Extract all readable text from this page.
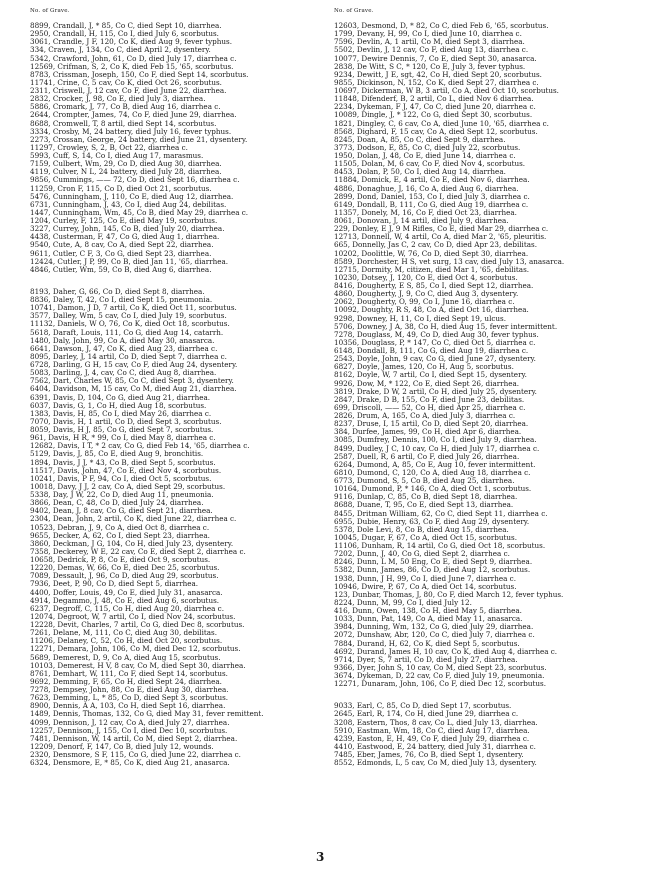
No. of Grave.
8899, Crandall, J, * 85, Co C, died Sept 10, diarrhea.
2950, Crandall, H, 115, Co I, died July 6, scorbutus.
3061, Crandle, J F, 120, Co K, died Aug 9, fever typhus.
334, Craven, J, 134, Co C, died April 2, dysentery.
5342, Crawford, John, 61, Co D, died July 17, diarrhea c.
12569, Crifman, S, 2, Co K, died Feb 15, '65, scorbutus.
8783, Crissman, Joseph, 150, Co F, died Sept 14, scorbutus.
11741, Crine, C, 5 cav, Co K, died Oct 26, scorbutus.
2311, Criswell, J, 12 cav, Co F, died June 22, diarrhea.
2832, Crocker, J, 98, Co E, died July 3, diarrhea.
5886, Cromark, J, 77, Co B, died Aug 16, diarrhea c.
2644, Crompter, James, 74, Co F, died June 29, diarrhea.
8688, Cromwell, T, 8 artil, died Sept 14, scorbutus.
3334, Crosby, M, 24 battery, died July 16, fever typhus.
2273, Crossan, George, 24 battery, died June 21, dysentery.
11297, Crowley, S, 2, B, Oct 22, diarrhea c.
5993, Cuff, S, 14, Co I, died Aug 17, marasmus.
7159, Culbert, Wm, 29, Co D, died Aug 30, diarrhea.
4119, Culver, N L, 24 battery, died July 28, diarrhea.
9856, Cummings, —— 72, Co D, died Sept 16, diarrhea c.
11259, Cron F, 115, Co D, died Oct 21, scorbutus.
5476, Cunningham, J, 110, Co E, died Aug 12, diarrhea.
6731, Cunningham, J, 43, Co I, died Aug 24, debilitas.
1447, Cunningham, Wm, 45, Co B, died May 29, diarrhea c.
1204, Curley, F, 125, Co E, died May 19, scorbutus.
3227, Currey, John, 145, Co B, died July 20, diarrhea.
4438, Custerman, F, 47, Co G, died Aug 1, diarrhea.
9540, Cute, A, 8 cav, Co A, died Sept 22, diarrhea.
9611, Cutler, C F, 3, Co G, died Sept 23, diarrhea.
12424, Cutler, J P, 99, Co B, died Jan 11, '65, diarrhea.
4846, Cutler, Wm, 59, Co B, died Aug 6, diarrhea.
8193, Daher, G, 66, Co D, died Sept 8, diarrhea.
8836, Daley, T, 42, Co I, died Sept 15, pneumonia.
10741, Damon, J D, 7 artil, Co K, died Oct 11, scorbutus.
3577, Dalley, Wm, 5 cav, Co I, died July 19, scorbutus.
11132, Daniels, W O, 76, Co K, died Oct 18, scorbutus.
5618, Daraft, Louis, 111, Co G, died Aug 14, catarrh.
1480, Daly, John, 99, Co A, died May 30, anasarca.
6641, Dawson, J, 47, Co K, died Aug 23, diarrhea c.
8095, Darley, J, 14 artil, Co D, died Sept 7, diarrhea c.
6728, Darling, G H, 15 cav, Co F, died Aug 24, dysentery.
5083, Darling, J, 4, cav, Co C, died Aug 8, diarrhea.
7562, Dart, Charles W, 85, Co C, died Sept 3, dysentery.
6404, Davidson, M, 15 cav, Co M, died Aug 21, diarrhea.
6391, Davis, D, 104, Co G, died Aug 21, diarrhea.
6037, Davis, G, 1, Co H, died Aug 18, scorbutus.
1383, Davis, H, 85, Co I, died May 26, diarrhea c.
7070, Davis, H, 1 artil, Co D, died Sept 3, scorbutus.
8059, Davis, H J, 85, Co G, died Sept 7, scorbutus.
961, Davis, H R, * 99, Co I, died May 8, diarrhea c.
12682, Davis, I T, * 2 cav, Co G, died Feb 14, '65, diarrhea c.
5129, Davis, J, 85, Co E, died Aug 9, bronchitis.
1894, Davis, J J, * 43, Co B, died Sept 5, scorbutus.
11517, Davis, John, 47, Co E, died Nov 4, scorbutus.
10241, Davis, P F, 94, Co I, died Oct 5, scorbutus.
10018, Davy, J J, 2 cav, Co A, died Sept 29, scorbutus.
5338, Day, J W, 22, Co D, died Aug 11, pneumonia.
3866, Dean, C, 48, Co D, died July 24, diarrhea.
9402, Dean, J, 8 cav, Co G, died Sept 21, diarrhea.
2304, Dean, John, 2 artil, Co K, died June 22, diarrhea c.
10523, Debran, J, 9, Co A, died Oct 8, diarrhea c.
9655, Decker, A, 62, Co I, died Sept 23, diarrhea.
3860, Deckman, J G, 104, Co H, died July 23, dysentery.
7358, Deckerey, W E, 22 cav, Co E, died Sept 2, diarrhea c.
10658, Dedrick, P, 8, Co E, died Oct 9, scorbutus.
12220, Demas, W, 66, Co E, died Dec 25, scorbutus.
7089, Dessault, J, 96, Co D, died Aug 29, scorbutus.
7936, Deet, P, 90, Co D, died Sept 5, diarrhea.
4400, Doffer, Louis, 49, Co E, died July 31, anasarca.
4914, Degammo, J, 48, Co E, died Aug 6, scorbutus.
6237, Degroff, C, 115, Co H, died Aug 20, diarrhea c.
12074, Degroot, W, 7 artil, Co I, died Nov 24, scorbutus.
12228, Devit, Charles, 7 artil, Co G, died Dec 8, scorbutus.
7261, Delane, M, 111, Co C, died Aug 30, debilitas.
11206, Delaney, C, 52, Co H, died Oct 20, scorbutus.
12271, Demara, John, 106, Co M, died Dec 12, scorbutus.
5689, Demerest, D, 9, Co A, died Aug 15, scorbutus.
10103, Demerest, H V, 8 cav, Co M, died Sept 30, diarrhea.
8761, Demhart, W, 111, Co F, died Sept 14, scorbutus.
9692, Demming, F, 65, Co H, died Sept 24, diarrhea.
7278, Dempsey, John, 88, Co E, died Aug 30, diarrhea.
7623, Demming, L, * 85, Co D, died Sept 3, scorbutus.
8900, Dennis, A A, 103, Co H, died Sept 16, diarrhea.
1489, Dennis, Thomas, 132, Co G, died May 31, fever remittent.
4099, Dennison, J, 12 cav, Co A, died July 27, diarrhea.
12257, Dennison, J, 155, Co I, died Dec 10, scorbutus.
7481, Dennison, W, 14 artil, Co M, died Sept 2, diarrhea.
12209, Denorf, F, 147, Co B, died July 12, wounds.
2320, Densmore, S F, 115, Co G, died June 22, diarrhea c.
6324, Densmore, E, * 85, Co K, died Aug 21, anasarca.
No. of Grave.
12603, Desmond, D, * 82, Co C, died Feb 6, '65, scorbutus.
1799, Devany, H, 99, Co I, died June 10, diarrhea c.
7596, Devlin, A, 1 artil, Co M, died Sept 3, diarrhea.
5502, Devlin, J, 12 cav, Co F, died Aug 13, diarrhea c.
10077, Dewire Dennis, 7, Co E, died Sept 30, anasarca.
2838, De Witt, S C, * 120, Co E, July 3, fever typhus.
9234, Dewitt, J E, sgt, 42, Co H, died Sept 20, scorbutus.
9855, Dickinson, N, 152, Co K, died Sept 27, diarrhea c.
10697, Dickerman, W B, 3 artil, Co A, died Oct 10, scorbutus.
11848, Difenderf, B, 2 artil, Co L, died Nov 6 diarrhea.
2234, Dykeman, F J, 47, Co C, died June 20, diarrhea c.
10089, Dingle, J, * 122, Co G, died Sept 30, scorbutus.
1821, Dingley, C, 6 cav, Co A, died June 10, '65, diarrhea c.
8568, Dighard, F, 15 cav, Co A, died Sept 12, scorbutus.
8245, Doan, A, 85, Co C, died Sept 9, diarrhea.
3773, Dodson, E, 85, Co C, died July 22, scorbutus.
1950, Dolan, J, 48, Co E, died June 14, diarrhea c.
11505, Dolan, M, 6 cav, Co F, died Nov 4, scorbutus.
8453, Dolan, P, 50, Co I, died Aug 14, diarrhea.
11884, Domick, E, 4 artil, Co E, died Nov 6, diarrhea.
4886, Donaghue, J, 16, Co A, died Aug 6, diarrhea.
2899, Dond, Daniel, 153, Co I, died July 3, diarrhea c.
6149, Dondall, B, 111, Co G, died Aug 19, diarrhea c.
11357, Donely, M, 16, Co F, died Oct 23, diarrhea.
8061, Donovan, J, 14 artil, died July 9, diarrhea.
229, Donley, E J, 9 M Rifles, Co E, died Mar 29, diarrhea c.
12713, Donnell, W, 4 artil, Co A, died Mar 2, '65, pleuritis.
665, Donnelly, Jas C, 2 cav, Co D, died Apr 23, debilitas.
10202, Doolittle, W, 76, Co D, died Sept 30, diarrhea.
8589, Dorchester, H S, vet surg, 13 cav, died July 13, anasarca.
12715, Dormity, M, citizen, died Mar 1, '65, debilitas.
10230, Dotsey, J, 120, Co E, died Oct 4, scorbutus.
8416, Dougherty, E S, 85, Co I, died Sept 12, diarrhea.
4860, Dougherty, J, 9, Co C, died Aug 3, dysentery.
2062, Dougherty, O, 99, Co I, June 16, diarrhea c.
10092, Doughty, R S, 48, Co A, died Oct 16, diarrhea.
9298, Downey, H, 11, Co I, died Sept 19, ulcus.
5706, Downey, J A, 38, Co H, died Aug 15, fever intermittent.
7278, Douglass, M, 49, Co D, died Aug 30, fever typhus.
10356, Douglass, P, * 147, Co C, died Oct 5, diarrhea c.
6148, Dondall, B, 111, Co G, died Aug 19, diarrhea c.
2543, Doyle, John, 9 cav, Co G, died June 27, dysentery.
6827, Doyle, James, 120, Co H, Aug 5, scorbutus.
8162, Doyle, W, 7 artil, Co I, died Sept 15, dysentery.
9926, Dow, M, * 122, Co E, died Sept 26, diarrhea.
3819, Drake, D W, 2 artil, Co H, died July 25, dysentery.
2847, Drake, D B, 155, Co F, died June 23, debilitas.
699, Driscoll, —— 52, Co H, died Apr 25, diarrhea c.
2826, Drum, A, 165, Co A, died July 3, diarrhea c.
8237, Druse, I, 15 artil, Co D, died Sept 20, diarrhea.
384, Durfee, James, 99, Co H, died Apr 6, diarrhea.
3085, Dumfrey, Dennis, 100, Co I, died July 9, diarrhea.
8499, Dudley, J C, 10 cav, Co H, died July 17, diarrhea c.
2587, Duell, R, 6 artil, Co F, died July 26, diarrhea.
6264, Dumond, A, 85, Co E, Aug 10, fever intermittent.
6810, Dumond, C, 120, Co A, died Aug 18, diarrhea c.
6773, Dumond, S, 5, Co B, died Aug 25, diarrhea.
10164, Dumond, P, * 146, Co A, died Oct 1, scorbutus.
9116, Dunlap, C, 85, Co B, died Sept 18, diarrhea.
8688, Duane, T, 95, Co E, died Sept 13, diarrhea.
8455, Dritman William, 62, Co C, died Sept 11, diarrhea c.
6955, Dubie, Henry, 63, Co F, died Aug 29, dysentery.
5378, Dole Levi, 8, Co B, died Aug 15, diarrhea.
10045, Dugar, F, 67, Co A, died Oct 15, scorbutus.
11106, Dunham, R, 14 artil, Co G, died Oct 18, scorbutus.
7202, Dunn, J, 40, Co G, died Sept 2, diarrhea c.
8246, Dunn, L M, 50 Eng, Co E, died Sept 9, diarrhea.
5382, Dunn, James, 86, Co D, died Aug 12, scorbutus.
1938, Dunn, J H, 99, Co I, died June 7, diarrhea c.
10946, Dwire, P, 67, Co A, died Oct 14, scorbutus.
123, Dunbar, Thomas, J, 80, Co F, died March 12, fever typhus.
8224, Dunn, M, 99, Co I, died July 12.
416, Dunn, Owen, 138, Co H, died May 5, diarrhea.
1033, Dunn, Pat, 149, Co A, died May 11, anasarca.
3984, Dunning, Wm, 132, Co G, died July 29, diarrhea.
2072, Dunshaw, Abr, 120, Co C, died July 7, diarrhea c.
7884, Durand, H, 62, Co K, died Sept 5, scorbutus.
4692, Durand, James H, 10 cav, Co K, died Aug 4, diarrhea c.
9714, Dyer, S, 7 artil, Co D, died July 27, diarrhea.
9366, Dyer, John S, 10 cav, Co M, died Sept 23, scorbutus.
3674, Dykeman, D, 22 cav, Co F, died July 19, pneumonia.
12271, Dunaram, John, 106, Co F, died Dec 12, scorbutus.
9033, Earl, C, 85, Co D, died Sept 17, scorbutus.
2645, Earl, R, 174, Co H, died June 29, diarrhea c.
3208, Eastern, Thos, 8 cav, Co L, died July 13, diarrhea.
5910, Eastman, Wm, 18, Co C, died Aug 17, diarrhea.
4239, Easton, E, H, 49, Co F, died July 29, diarrhea c.
4410, Eastwood, E, 24 battery, died July 31, diarrhea c.
7485, Eber, James, 76, Co B, died Sept 1, dysentery.
8552, Edmonds, L, 5 cav, Co M, died July 13, dysentery.
3
